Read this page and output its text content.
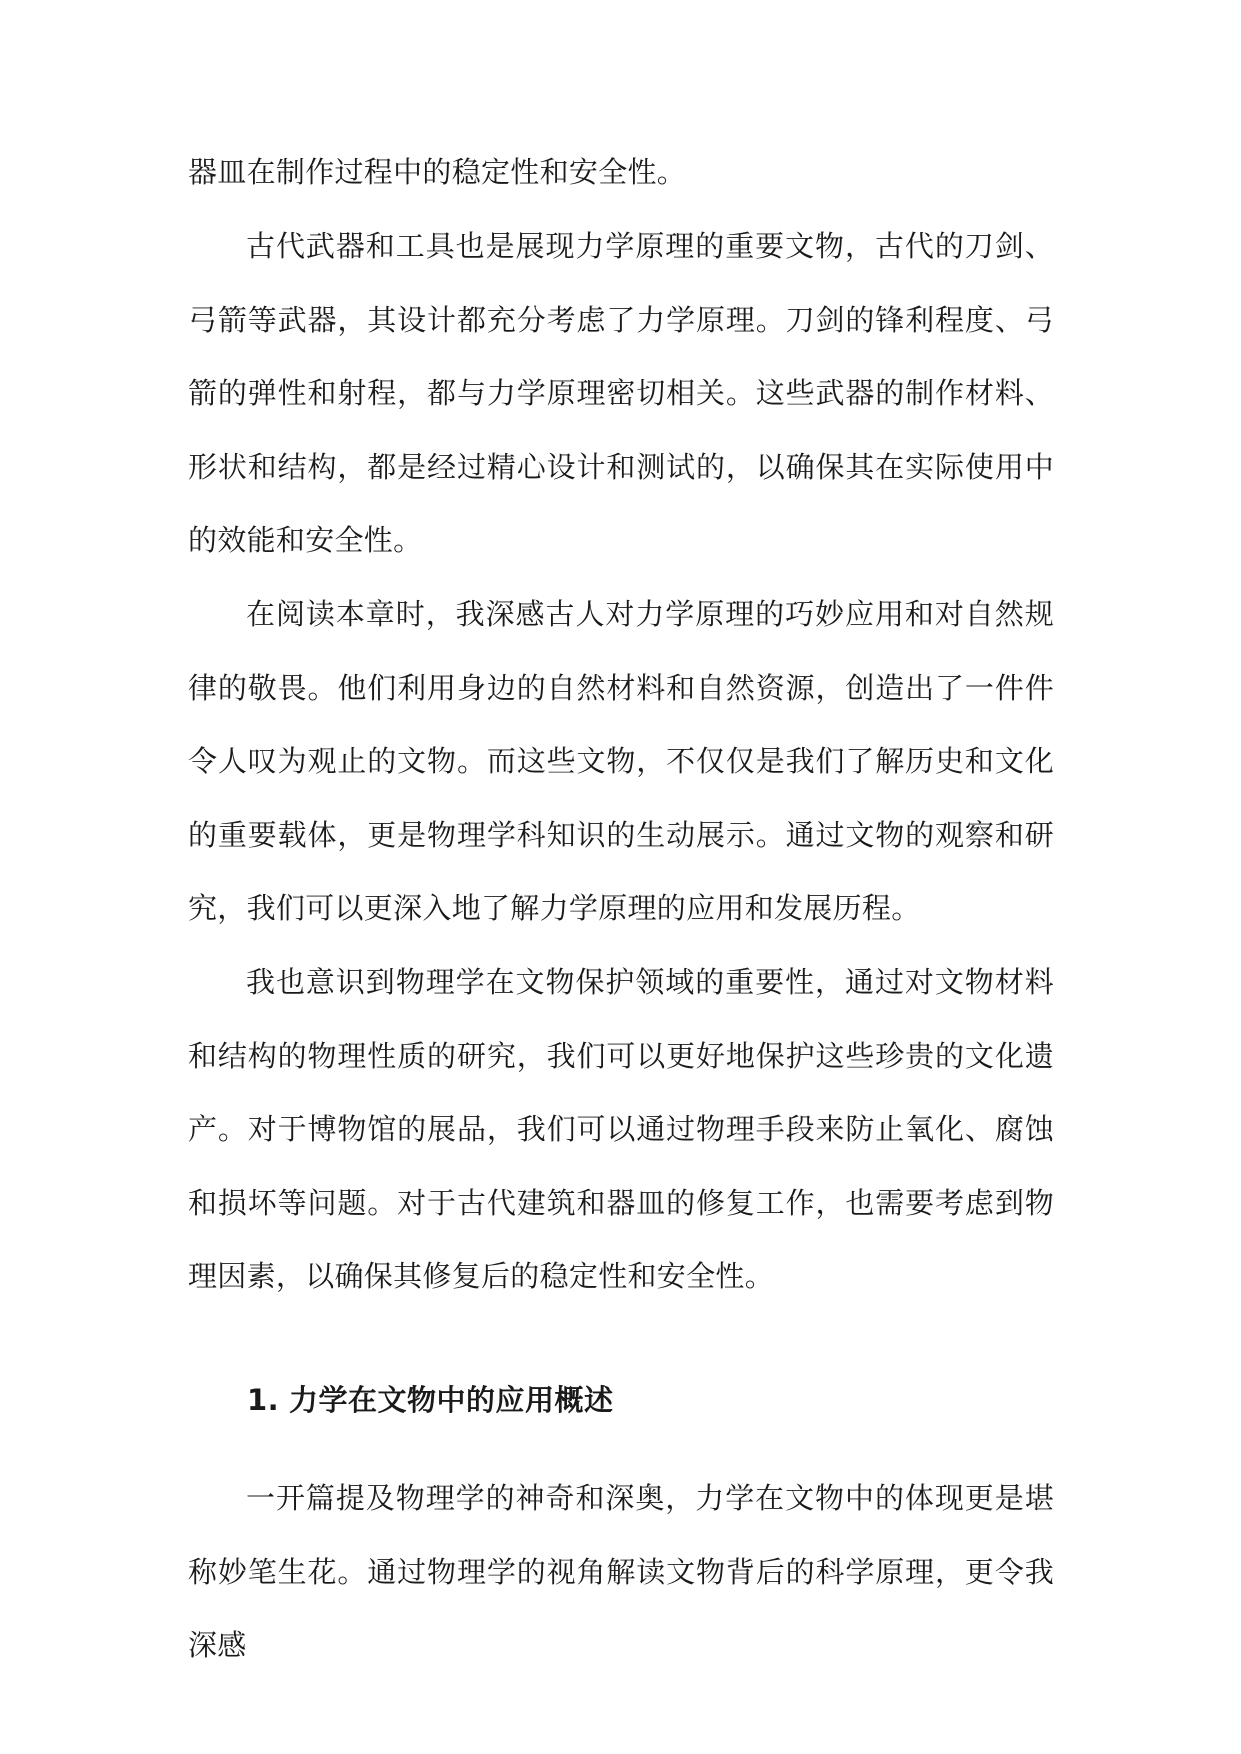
器皿在制作过程中的稳定性和安全性。

古代武器和工具也是展现力学原理的重要文物，古代的刀剑、弓箭等武器，其设计都充分考虑了力学原理。刀剑的锋利程度、弓箭的弹性和射程，都与力学原理密切相关。这些武器的制作材料、形状和结构，都是经过精心设计和测试的，以确保其在实际使用中的效能和安全性。

在阅读本章时，我深感古人对力学原理的巧妙应用和对自然规律的敬畏。他们利用身边的自然材料和自然资源，创造出了一件件令人叹为观止的文物。而这些文物，不仅仅是我们了解历史和文化的重要载体，更是物理学科知识的生动展示。通过文物的观察和研究，我们可以更深入地了解力学原理的应用和发展历程。

我也意识到物理学在文物保护领域的重要性，通过对文物材料和结构的物理性质的研究，我们可以更好地保护这些珍贵的文化遗产。对于博物馆的展品，我们可以通过物理手段来防止氧化、腐蚀和损坏等问题。对于古代建筑和器皿的修复工作，也需要考虑到物理因素，以确保其修复后的稳定性和安全性。

1. 力学在文物中的应用概述

一开篇提及物理学的神奇和深奥，力学在文物中的体现更是堪称妙笔生花。通过物理学的视角解读文物背后的科学原理，更令我深感
